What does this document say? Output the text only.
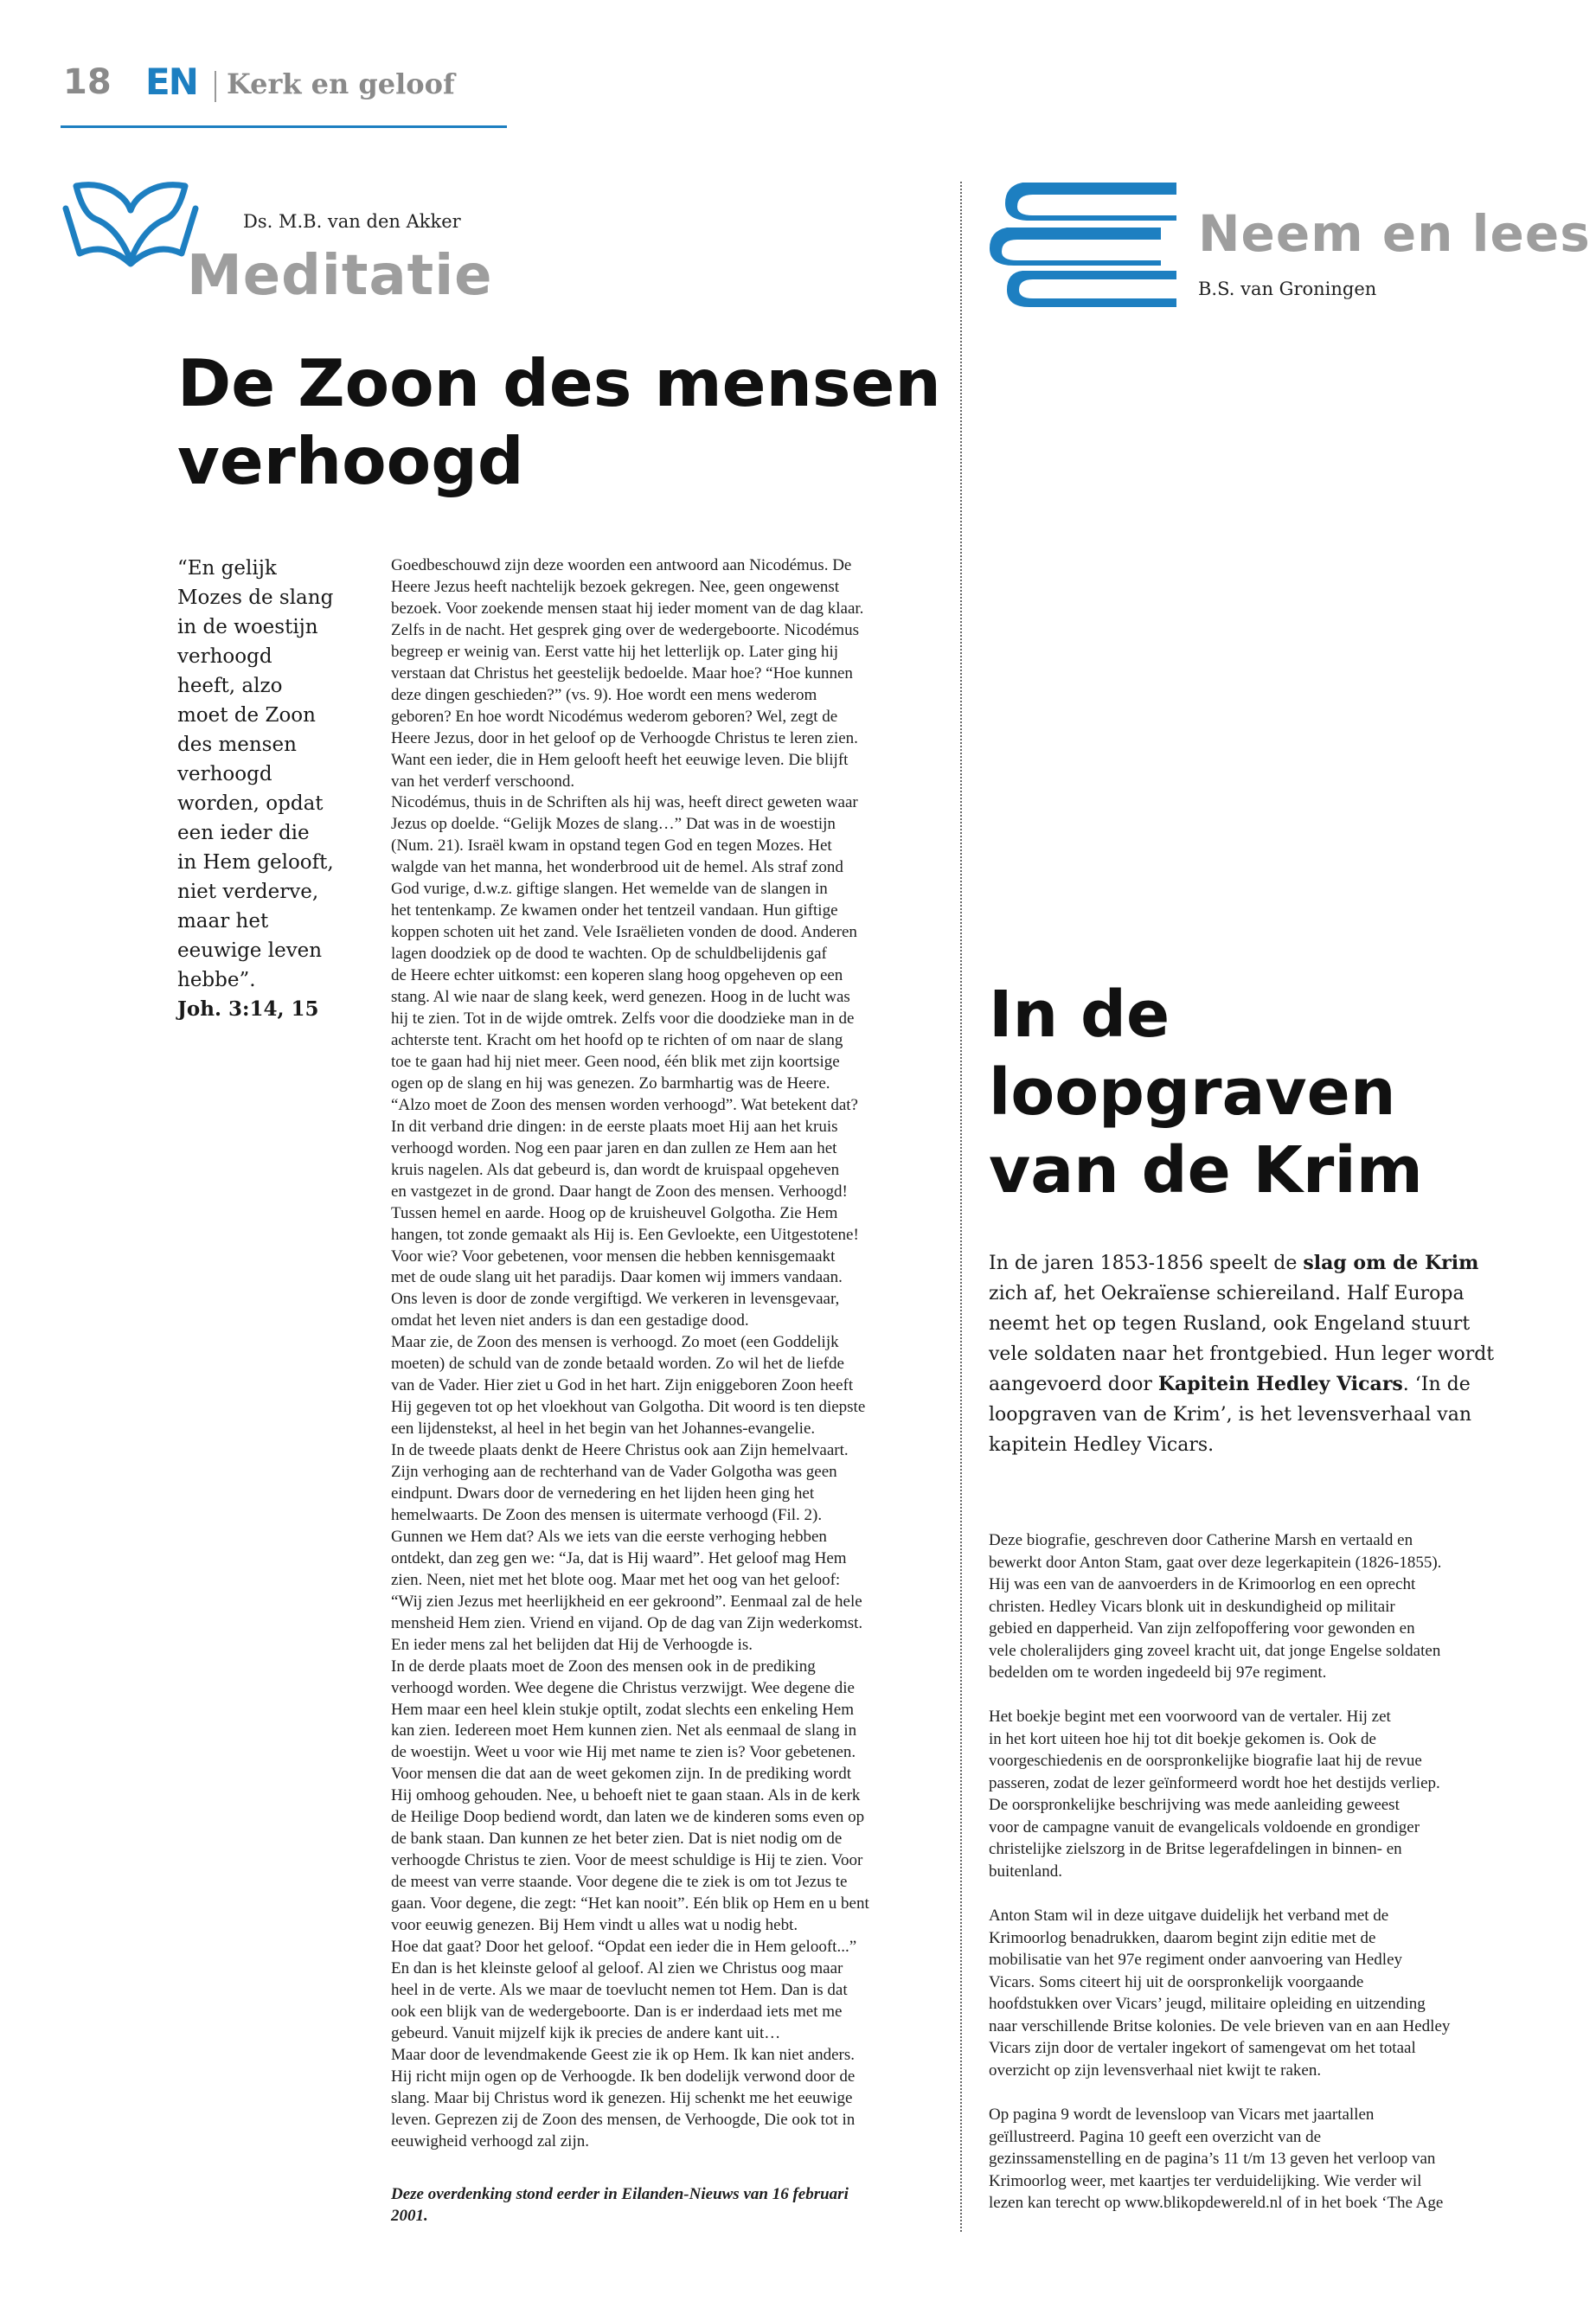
18 EN Kerk en geloof
Ds. M.B. van den Akker
Meditatie
De Zoon des mensen
verhoogd
“En gelijk
Mozes de slang
in de woestijn
verhoogd
heeft, alzo
moet de Zoon
des mensen
verhoogd
worden, opdat
een ieder die
in Hem gelooft,
niet verderve,
maar het
eeuwige leven
hebbe”.
Joh. 3:14, 15
Goedbeschouwd zijn deze woorden een antwoord aan Nicodémus. De
Heere Jezus heeft nachtelijk bezoek gekregen. Nee, geen ongewenst
bezoek. Voor zoekende mensen staat hij ieder moment van de dag klaar.
Zelfs in de nacht. Het gesprek ging over de wedergeboorte. Nicodémus
begreep er weinig van. Eerst vatte hij het letterlijk op. Later ging hij
verstaan dat Christus het geestelijk bedoelde. Maar hoe? “Hoe kunnen
deze dingen geschieden?” (vs. 9). Hoe wordt een mens wederom
geboren? En hoe wordt Nicodémus wederom geboren? Wel, zegt de
Heere Jezus, door in het geloof op de Verhoogde Christus te leren zien.
Want een ieder, die in Hem gelooft heeft het eeuwige leven. Die blijft
van het verderf verschoond.
Nicodémus, thuis in de Schriften als hij was, heeft direct geweten waar
Jezus op doelde. “Gelijk Mozes de slang…” Dat was in de woestijn
(Num. 21). Israël kwam in opstand tegen God en tegen Mozes. Het
walgde van het manna, het wonderbrood uit de hemel. Als straf zond
God vurige, d.w.z. giftige slangen. Het wemelde van de slangen in
het tentenkamp. Ze kwamen onder het tentzeil vandaan. Hun giftige
koppen schoten uit het zand. Vele Israëlieten vonden de dood. Anderen
lagen doodziek op de dood te wachten. Op de schuldbelijdenis gaf
de Heere echter uitkomst: een koperen slang hoog opgeheven op een
stang. Al wie naar de slang keek, werd genezen. Hoog in de lucht was
hij te zien. Tot in de wijde omtrek. Zelfs voor die doodzieke man in de
achterste tent. Kracht om het hoofd op te richten of om naar de slang
toe te gaan had hij niet meer. Geen nood, één blik met zijn koortsige
ogen op de slang en hij was genezen. Zo barmhartig was de Heere.
“Alzo moet de Zoon des mensen worden verhoogd”. Wat betekent dat?
In dit verband drie dingen: in de eerste plaats moet Hij aan het kruis
verhoogd worden. Nog een paar jaren en dan zullen ze Hem aan het
kruis nagelen. Als dat gebeurd is, dan wordt de kruispaal opgeheven
en vastgezet in de grond. Daar hangt de Zoon des mensen. Verhoogd!
Tussen hemel en aarde. Hoog op de kruisheuvel Golgotha. Zie Hem
hangen, tot zonde gemaakt als Hij is. Een Gevloekte, een Uitgestotene!
Voor wie? Voor gebetenen, voor mensen die hebben kennisgemaakt
met de oude slang uit het paradijs. Daar komen wij immers vandaan.
Ons leven is door de zonde vergiftigd. We verkeren in levensgevaar,
omdat het leven niet anders is dan een gestadige dood.
Maar zie, de Zoon des mensen is verhoogd. Zo moet (een Goddelijk
moeten) de schuld van de zonde betaald worden. Zo wil het de liefde
van de Vader. Hier ziet u God in het hart. Zijn eniggeboren Zoon heeft
Hij gegeven tot op het vloekhout van Golgotha. Dit woord is ten diepste
een lijdenstekst, al heel in het begin van het Johannes-evangelie.
In de tweede plaats denkt de Heere Christus ook aan Zijn hemelvaart.
Zijn verhoging aan de rechterhand van de Vader Golgotha was geen
eindpunt. Dwars door de vernedering en het lijden heen ging het
hemelwaarts. De Zoon des mensen is uitermate verhoogd (Fil. 2).
Gunnen we Hem dat? Als we iets van die eerste verhoging hebben
ontdekt, dan zeg gen we: “Ja, dat is Hij waard”. Het geloof mag Hem
zien. Neen, niet met het blote oog. Maar met het oog van het geloof:
“Wij zien Jezus met heerlijkheid en eer gekroond”. Eenmaal zal de hele
mensheid Hem zien. Vriend en vijand. Op de dag van Zijn wederkomst.
En ieder mens zal het belijden dat Hij de Verhoogde is.
In de derde plaats moet de Zoon des mensen ook in de prediking
verhoogd worden. Wee degene die Christus verzwijgt. Wee degene die
Hem maar een heel klein stukje optilt, zodat slechts een enkeling Hem
kan zien. Iedereen moet Hem kunnen zien. Net als eenmaal de slang in
de woestijn. Weet u voor wie Hij met name te zien is? Voor gebetenen.
Voor mensen die dat aan de weet gekomen zijn. In de prediking wordt
Hij omhoog gehouden. Nee, u behoeft niet te gaan staan. Als in de kerk
de Heilige Doop bediend wordt, dan laten we de kinderen soms even op
de bank staan. Dan kunnen ze het beter zien. Dat is niet nodig om de
verhoogde Christus te zien. Voor de meest schuldige is Hij te zien. Voor
de meest van verre staande. Voor degene die te ziek is om tot Jezus te
gaan. Voor degene, die zegt: “Het kan nooit”. Eén blik op Hem en u bent
voor eeuwig genezen. Bij Hem vindt u alles wat u nodig hebt.
Hoe dat gaat? Door het geloof. “Opdat een ieder die in Hem gelooft...”
En dan is het kleinste geloof al geloof. Al zien we Christus oog maar
heel in de verte. Als we maar de toevlucht nemen tot Hem. Dan is dat
ook een blijk van de wedergeboorte. Dan is er inderdaad iets met me
gebeurd. Vanuit mijzelf kijk ik precies de andere kant uit…
Maar door de levendmakende Geest zie ik op Hem. Ik kan niet anders.
Hij richt mijn ogen op de Verhoogde. Ik ben dodelijk verwond door de
slang. Maar bij Christus word ik genezen. Hij schenkt me het eeuwige
leven. Geprezen zij de Zoon des mensen, de Verhoogde, Die ook tot in
eeuwigheid verhoogd zal zijn.
Deze overdenking stond eerder in Eilanden-Nieuws van 16 februari
2001.
Neem en lees
B.S. van Groningen
In de
loopgraven
van de Krim
In de jaren 1853-1856 speelt de slag om de Krim
zich af, het Oekraïense schiereiland. Half Europa
neemt het op tegen Rusland, ook Engeland stuurt
vele soldaten naar het frontgebied. Hun leger wordt
aangevoerd door Kapitein Hedley Vicars. ‘In de
loopgraven van de Krim’, is het levensverhaal van
kapitein Hedley Vicars.
Deze biografie, geschreven door Catherine Marsh en vertaald en
bewerkt door Anton Stam, gaat over deze legerkapitein (1826-1855).
Hij was een van de aanvoerders in de Krimoorlog en een oprecht
christen. Hedley Vicars blonk uit in deskundigheid op militair
gebied en dapperheid. Van zijn zelfopoffering voor gewonden en
vele choleralijders ging zoveel kracht uit, dat jonge Engelse soldaten
bedelden om te worden ingedeeld bij 97e regiment.
Het boekje begint met een voorwoord van de vertaler. Hij zet
in het kort uiteen hoe hij tot dit boekje gekomen is. Ook de
voorgeschiedenis en de oorspronkelijke biografie laat hij de revue
passeren, zodat de lezer geïnformeerd wordt hoe het destijds verliep.
De oorspronkelijke beschrijving was mede aanleiding geweest
voor de campagne vanuit de evangelicals voldoende en grondiger
christelijke zielszorg in de Britse legerafdelingen in binnen- en
buitenland.
Anton Stam wil in deze uitgave duidelijk het verband met de
Krimoorlog benadrukken, daarom begint zijn editie met de
mobilisatie van het 97e regiment onder aanvoering van Hedley
Vicars. Soms citeert hij uit de oorspronkelijk voorgaande
hoofdstukken over Vicars’ jeugd, militaire opleiding en uitzending
naar verschillende Britse kolonies. De vele brieven van en aan Hedley
Vicars zijn door de vertaler ingekort of samengevat om het totaal
overzicht op zijn levensverhaal niet kwijt te raken.
Op pagina 9 wordt de levensloop van Vicars met jaartallen
geïllustreerd. Pagina 10 geeft een overzicht van de
gezinssamenstelling en de pagina’s 11 t/m 13 geven het verloop van
Krimoorlog weer, met kaartjes ter verduidelijking. Wie verder wil
lezen kan terecht op www.blikopdewereld.nl of in het boek ‘The Age
